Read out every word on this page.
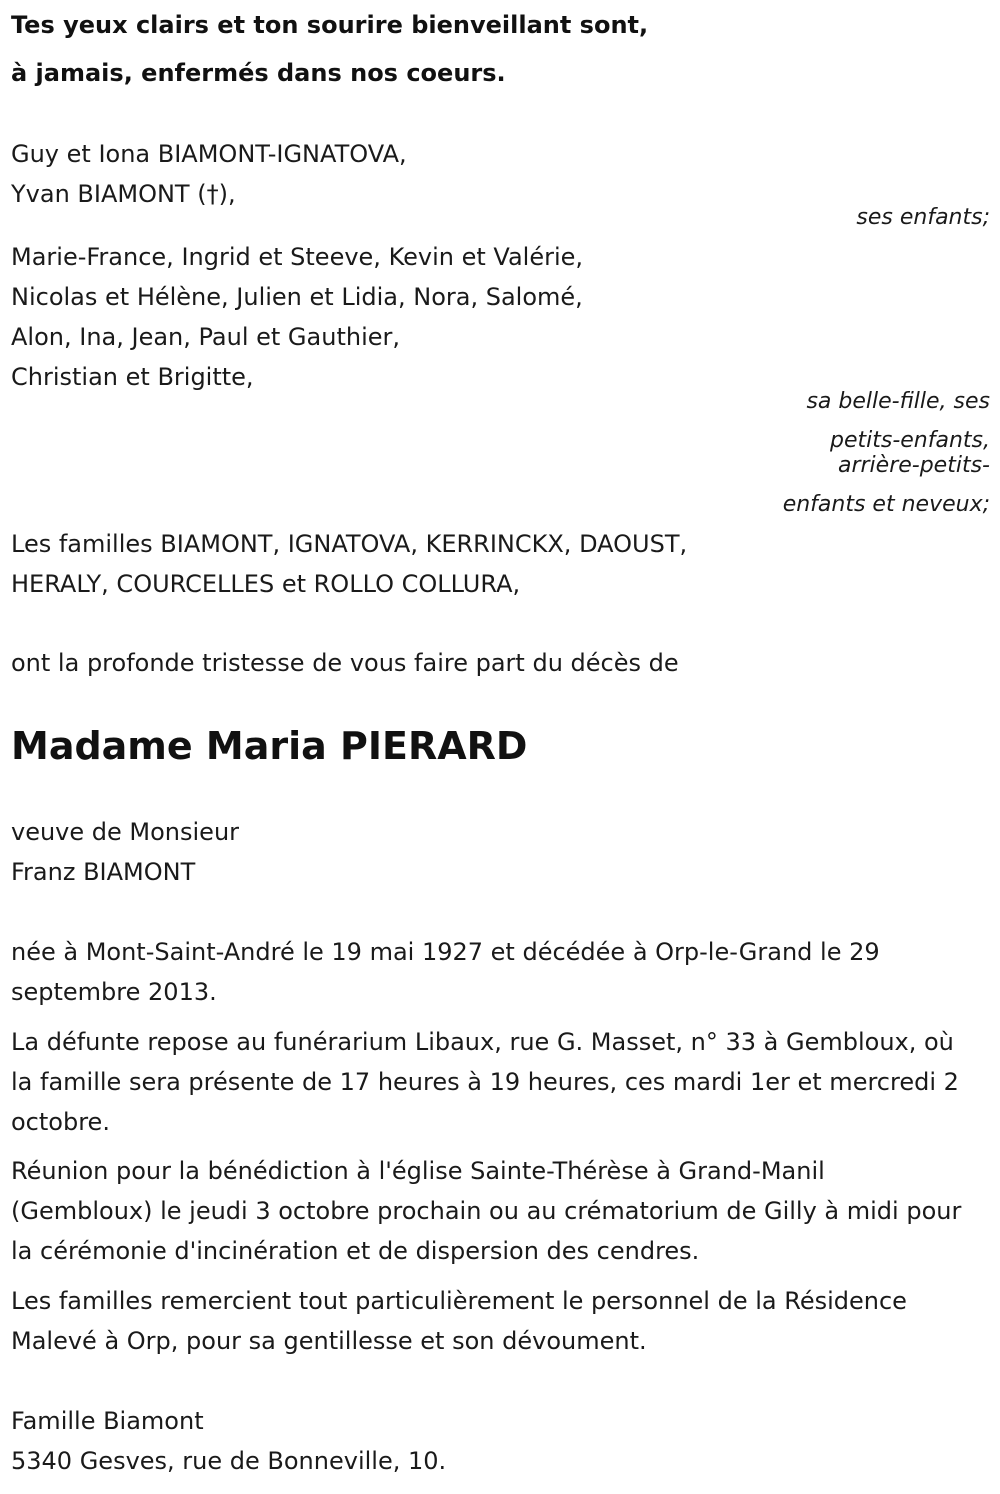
Tes yeux clairs et ton sourire bienveillant sont,
à jamais, enfermés dans nos coeurs.
Guy et Iona BIAMONT-IGNATOVA,
Yvan BIAMONT (†),
ses enfants;
Marie-France, Ingrid et Steeve, Kevin et Valérie,
Nicolas et Hélène, Julien et Lidia, Nora, Salomé,
Alon, Ina, Jean, Paul et Gauthier,
Christian et Brigitte,
sa belle-fille, ses
petits-enfants,
arrière-petits-
enfants et neveux;
Les familles BIAMONT, IGNATOVA, KERRINCKX, DAOUST,
HERALY, COURCELLES et ROLLO COLLURA,
ont la profonde tristesse de vous faire part du décès de
Madame Maria PIERARD
veuve de Monsieur
Franz BIAMONT
née à Mont-Saint-André le 19 mai 1927 et décédée à Orp-le-Grand le 29 septembre 2013.
La défunte repose au funérarium Libaux, rue G. Masset, n° 33 à Gembloux, où la famille sera présente de 17 heures à 19 heures, ces mardi 1er et mercredi 2 octobre.
Réunion pour la bénédiction à l'église Sainte-Thérèse à Grand-Manil (Gembloux) le jeudi 3 octobre prochain ou au crématorium de Gilly à midi pour la cérémonie d'incinération et de dispersion des cendres.
Les familles remercient tout particulièrement le personnel de la Résidence Malevé à Orp, pour sa gentillesse et son dévoument.
Famille Biamont
5340 Gesves, rue de Bonneville, 10.
